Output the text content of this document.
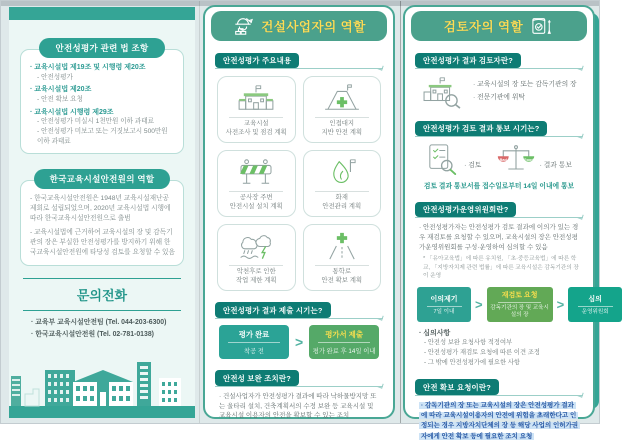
안전성평가 관련 법 조항
· 교육시설법 제19조 및 시행령 제20조
- 안전성평가
· 교육시설법 제20조
- 안전 확보 요청
· 교육시설법 시행령 제29조
- 안전성평가 미실시 1천만원 이하 과태료
- 안전성평가 미보고 또는 거짓보고시 500만원 이하 과태료
한국교육시설안전원의 역할
- 한국교육시설안전원은 1948년 교육시설재난공제회로 설립되었으며, 2020년 교육시설법 시행에 따라 한국교육시설안전원으로 출범
- 교육시설법에 근거하여 교육시설의 장 및 감독기관의 장은 부실한 안전성평가를 방지하기 위해 한국교육시설안전원에 타당성 검토를 요청할 수 있음
문의전화
· 교육부 교육시설안전팀 (Tel. 044-203-6300)
· 한국교육시설안전원 (Tel. 02-781-0138)
건설사업자의 역할
안전성평가 주요내용
교육시설
사전조사 및 점검 계획
인접대지
지반 안전 계획
공사장 주변
안전시설 설치 계획
화재
안전관리 계획
악천후로 인한
작업 제한 계획
통학로
안전 확보 계획
안전성평가 결과 제출 시기는?
평가 완료
착공 전
>	평가서 제출
평가 완료 후 14일 이내
안전성 보완 조치란?
· 건설사업자가 안전성평가 결과에 따라 낙하물방지망 또는 울타리 설치, 건축계획서의 수정 보완 등 교육시설 및 교육시설 이용자의 안전을 확보할 수 있는 조치
검토자의 역할
안전성평가 결과 검토자란?
· 교육시설의 장 또는 감독기관의 장
· 전문기관에 위탁
안전성평가 검토 결과 통보 시기는?
· 검토
Bad	Good
· 결과 통보
검토 결과 통보서를 접수일로부터 14일 이내에 통보
안전성평가운영위원회란?
· 안전성평가자는 안전성평가 검토 결과에 이의가 있는 경우 재검토를 요청할 수 있으며, 교육시설의 장은 안전성평가운영위원회를 구성·운영하여 심의할 수 있음
* 「유아교육법」에 따른 유치원, 「초·중등교육법」에 따른 학교, 「지방자치제 관련 법률」에 따른 교육시설은 감독기관의 장이 운영
이의제기
7일 이내	>
재검토 요청
감독기관의 장 및 교육시설의 장
>	심의
운영위원회
· 심의사항
- 안전성 보완 요청사항 적정여부
- 안전성평가 재검토 요청에 따른 이견 조정
- 그 밖에 안전성평가에 필요한 사항
안전 확보 요청이란?
· 감독기관의 장 또는 교육시설의 장은 안전성평가 결과에 따라 교육시설이용자의 안전에 위험을 초래한다고 인정되는 경우 지방자치단체의 장 등 해당 사업의 인허가권자에게 안전 확보 등에 필요한 조치 요청
